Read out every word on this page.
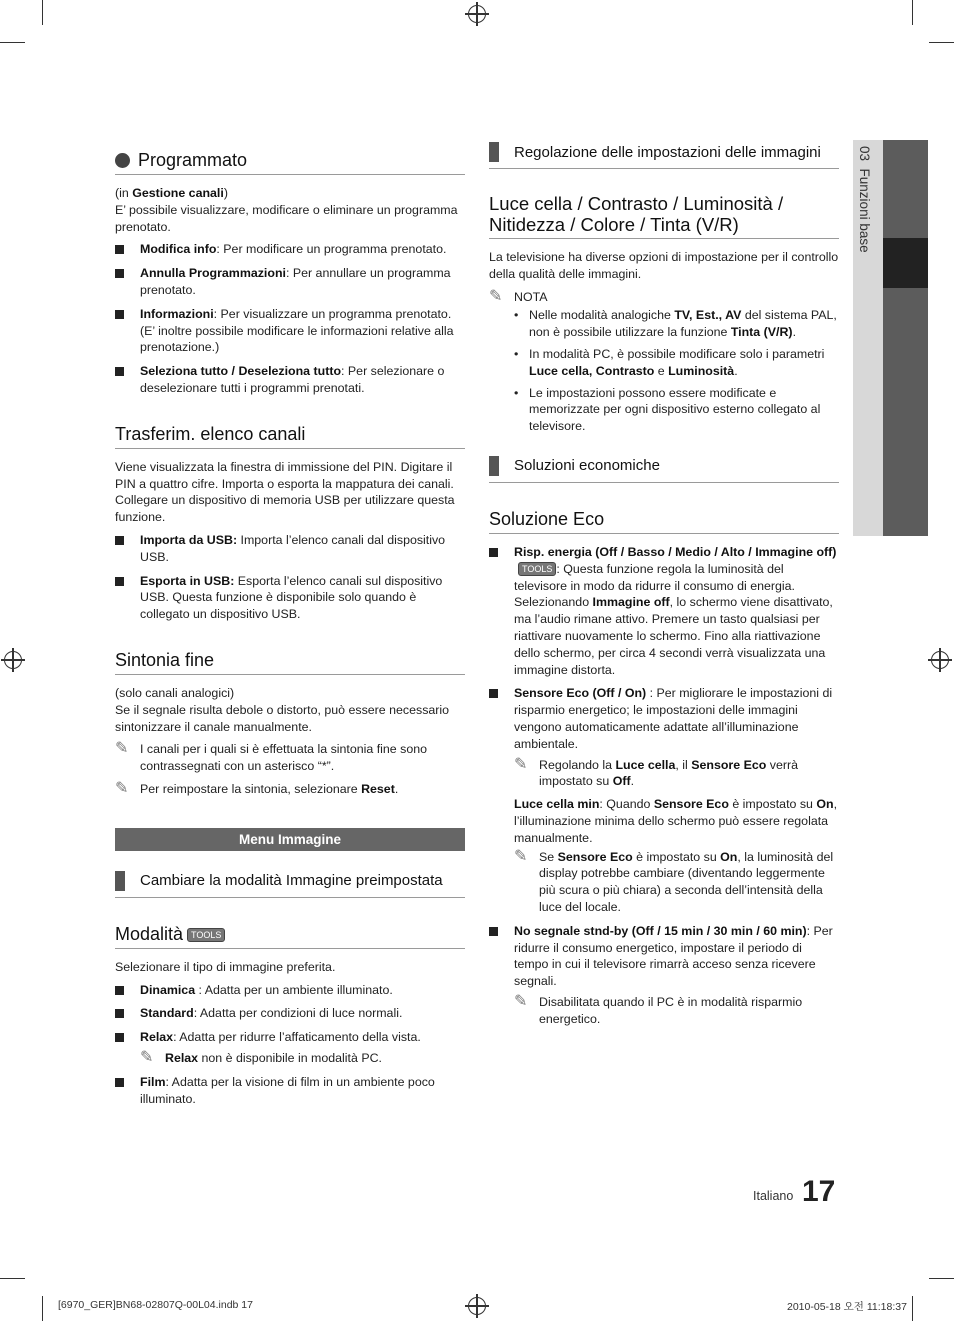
Programmato

(in Gestione canali)

E’ possibile visualizzare, modificare o eliminare un programma prenotato.

Modifica info: Per modificare un programma prenotato.
Annulla Programmazioni: Per annullare un programma prenotato.
Informazioni: Per visualizzare un programma prenotato. (E’ inoltre possibile modificare le informazioni relative alla prenotazione.)
Seleziona tutto / Deseleziona tutto: Per selezionare o deselezionare tutti i programmi prenotati.
Trasferim. elenco canali

Viene visualizzata la finestra di immissione del PIN. Digitare il PIN a quattro cifre. Importa o esporta la mappatura dei canali. Collegare un dispositivo di memoria USB per utilizzare questa funzione.

Importa da USB: Importa l’elenco canali dal dispositivo USB.
Esporta in USB: Esporta l’elenco canali sul dispositivo USB. Questa funzione è disponibile solo quando è collegato un dispositivo USB.
Sintonia fine

(solo canali analogici)

Se il segnale risulta debole o distorto, può essere necessario sintonizzare il canale manualmente.

✎ I canali per i quali si è effettuata la sintonia fine sono contrassegnati con un asterisco “*”.
✎ Per reimpostare la sintonia, selezionare Reset.
Menu Immagine
Cambiare la modalità Immagine preimpostata
Modalità TOOLS

Selezionare il tipo di immagine preferita.

Dinamica : Adatta per un ambiente illuminato.
Standard: Adatta per condizioni di luce normali.
Relax: Adatta per ridurre l’affaticamento della vista.
✎ Relax non è disponibile in modalità PC.
Film: Adatta per la visione di film in un ambiente poco illuminato.
Regolazione delle impostazioni delle immagini
Luce cella / Contrasto / Luminosità / Nitidezza / Colore / Tinta (V/R)

La televisione ha diverse opzioni di impostazione per il controllo della qualità delle immagini.

✎ NOTA
• Nelle modalità analogiche TV, Est., AV del sistema PAL, non è possibile utilizzare la funzione Tinta (V/R).
• In modalità PC, è possibile modificare solo i parametri Luce cella, Contrasto e Luminosità.
• Le impostazioni possono essere modificate e memorizzate per ogni dispositivo esterno collegato al televisore.
Soluzioni economiche
Soluzione Eco
Risp. energia (Off / Basso / Medio / Alto / Immagine off)TOOLS : Questa funzione regola la luminosità del televisore in modo da ridurre il consumo di energia. Selezionando Immagine off, lo schermo viene disattivato, ma l’audio rimane attivo. Premere un tasto qualsiasi per riattivare nuovamente lo schermo. Fino alla riattivazione dello schermo, per circa 4 secondi verrà visualizzata una immagine distorta.
Sensore Eco (Off / On) : Per migliorare le impostazioni di risparmio energetico; le impostazioni delle immagini vengono automaticamente adattate all’illuminazione ambientale.
✎ Regolando la Luce cella, il Sensore Eco verrà impostato su Off.

Luce cella min: Quando Sensore Eco è impostato su On, l’illuminazione minima dello schermo può essere regolata manualmente.

✎ Se Sensore Eco è impostato su On, la luminosità del display potrebbe cambiare (diventando leggermente più scura o più chiara) a seconda dell’intensità della luce del locale.
No segnale stnd-by (Off / 15 min / 30 min / 60 min): Per ridurre il consumo energetico, impostare il periodo di tempo in cui il televisore rimarrà acceso senza ricevere segnali.
✎ Disabilitata quando il PC è in modalità risparmio energetico.
03  Funzioni base
Italiano 17
[6970_GER]BN68-02807Q-00L04.indb 17	2010-05-18 오전 11:18:37
